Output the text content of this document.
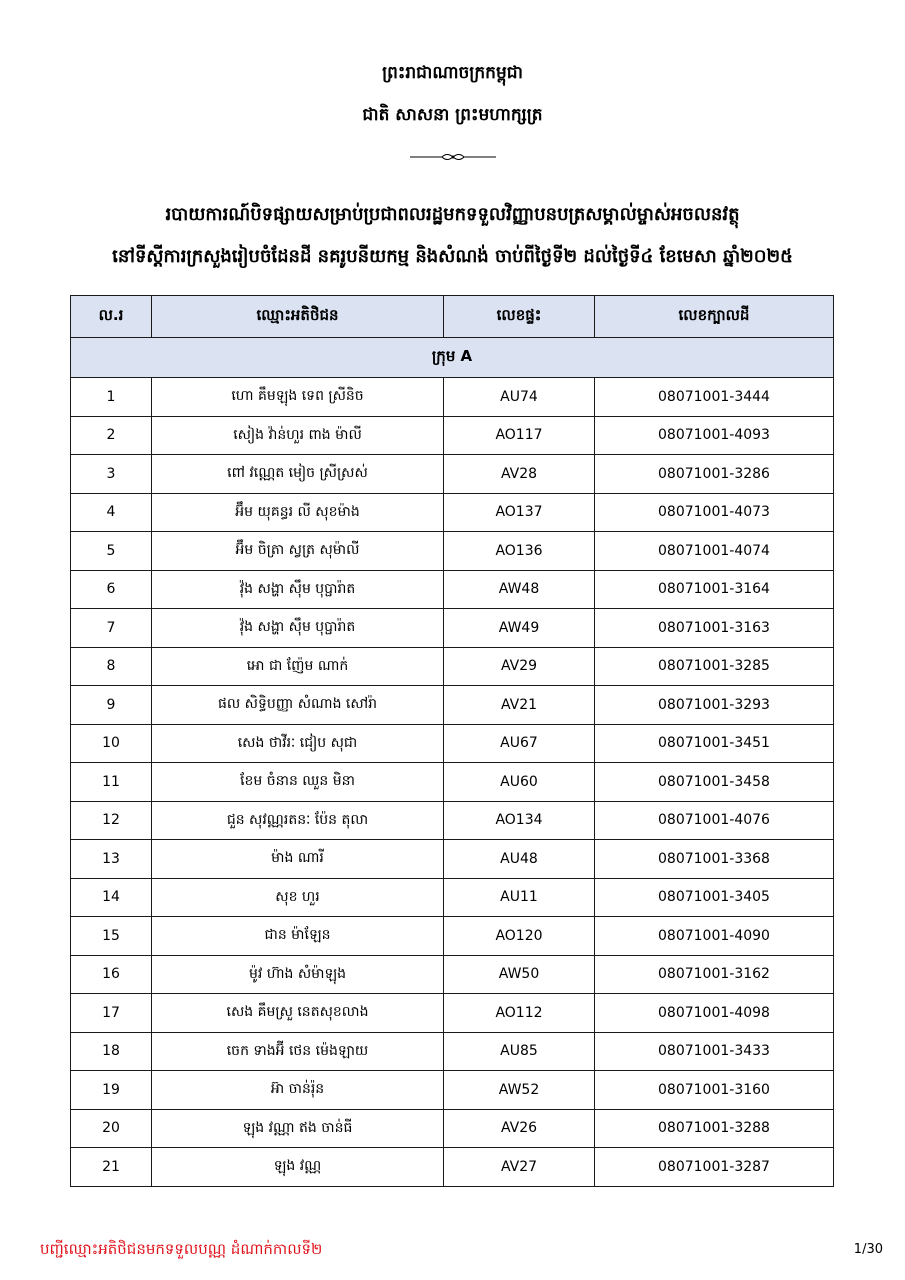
ព្រះរាជាណាចក្រកម្ពុជា
ជាតិ សាសនា ព្រះមហាក្សត្រ
របាយការណ៍បិទផ្សាយសម្រាប់ប្រជាពលរដ្ឋមកទទួលវិញ្ញាបនបត្រសម្គាល់ម្ចាស់អចលនវត្ថុ
នៅទីស្តីការក្រសួងរៀបចំដែនដី នគរូបនីយកម្ម និងសំណង់ ចាប់ពីថ្ងៃទី២ ដល់ថ្ងៃទី៤ ខែមេសា ឆ្នាំ២០២៥
ល.រ	ឈ្មោះអតិថិជន	លេខផ្ទះ	លេខក្បាលដី
ក្រុម A			
1	ហោ គឹមឡុង ទេព ស្រីនិច	AU74	08071001-3444
2	សៀង វ៉ាន់ហួរ ពាង ម៉ាលី	AO117	08071001-4093
3	ពៅ វណ្ណេត មៀច ស្រីស្រស់	AV28	08071001-3286
4	អ៊ឹម យុគន្ធរ លី សុខម៉ាង	AO137	08071001-4073
5	អ៊ឹម ចិត្រា ស្វត្រ សុម៉ាលី	AO136	08071001-4074
6	វ៉ុង សង្ហា ស៊ឹម បុប្ផារ៉ាត	AW48	08071001-3164
7	វ៉ុង សង្ហា ស៊ឹម បុប្ផារ៉ាត	AW49	08071001-3163
8	អោ ជា ញ៉ែម ណាក់	AV29	08071001-3285
9	ផល សិទ្ធិបញ្ញា សំណាង សៅរ៉ា	AV21	08071001-3293
10	សេង ថាវីរៈ ជៀប សុជា	AU67	08071001-3451
11	ខែម ចំនាន ឈួន មិនា	AU60	08071001-3458
12	ជួន សុវណ្ណរតនៈ ប៉ែន តុលា	AO134	08071001-4076
13	ម៉ាង ណារី	AU48	08071001-3368
14	សុខ ហួរ	AU11	08071001-3405
15	ជាន ម៉ាឡែន	AO120	08071001-4090
16	ម៉ូវ ហ៊ាង សំម៉ាឡុង	AW50	08071001-3162
17	សេង គឹមស្រួ នេតសុខលាង	AO112	08071001-4098
18	ចេក ទាងអ៊ី ថេន ម៉េងឡាយ	AU85	08071001-3433
19	អ៊ា ចាន់រ៉ុន	AW52	08071001-3160
20	ឡុង វណ្ណា ឥង ចាន់ធី	AV26	08071001-3288
21	ឡុង វណ្ណ	AV27	08071001-3287
បញ្ជីឈ្មោះអតិថិជនមកទទួលបណ្ណ ដំណាក់កាលទី២	1/30
